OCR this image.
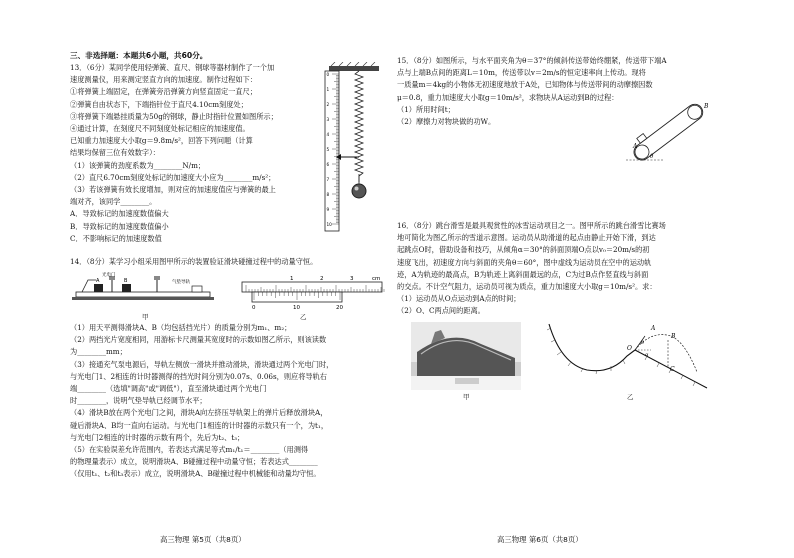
三、非选择题：本题共6小题，共60分。

13．（6分）某同学使用轻弹簧、直尺、钢球等器材制作了一个加

速度测量仪，用来测定竖直方向的加速度。制作过程如下：

①将弹簧上端固定，在弹簧旁沿弹簧方向竖直固定一直尺；

②弹簧自由状态下，下端指针位于直尺4.10cm刻度处；

③将弹簧下端悬挂质量为50g的钢球，静止时指针位置如图所示；

④通过计算，在刻度尺不同刻度处标记相应的加速度值。

已知重力加速度大小取g＝9.8m/s²，回答下列问题（计算

结果均保留三位有效数字）：

（1）该弹簧的劲度系数为________N/m；

（2）直尺6.70cm刻度处标记的加速度大小应为________m/s²；

（3）若该弹簧有效长度增加，则对应的加速度值应与弹簧的最上

端对齐，该同学________。

A．导致标记的加速度数值偏大

B．导致标记的加速度数值偏小

C．不影响标记的加速度数值

0
1
2
3
4
5
6
7
8
9
10

14．（8分）某学习小组采用图甲所示的装置验证滑块碰撞过程中的动量守恒。

A	B
光电门
气垫导轨
甲
1	2	3	cm
0	10	20
乙

（1）用天平测得滑块A、B（均包括挡光片）的质量分别为m₁、m₂；

（2）两挡光片宽度相同，用游标卡尺测量其宽度时的示数如图乙所示，则该读数

为________mm；

（3）接通充气泵电源后，导轨左侧放一滑块并推动滑块，滑块通过两个光电门时，

与光电门1、2相连的计时器测得的挡光时间分别为0.07s、0.06s，则应将导轨右

端________（选填"调高"或"调低"），直至滑块通过两个光电门

时________，说明气垫导轨已经调节水平；

（4）滑块B放在两个光电门之间，滑块A向左挤压导轨架上的弹片后释放滑块A，

碰后滑块A、B均一直向右运动。与光电门1相连的计时器的示数只有一个，为t₁，

与光电门2相连的计时器的示数有两个，先后为t₂、t₃；

（5）在实验误差允许范围内，若表达式满足等式m₁/t₁＝________（用测得

的物理量表示）成立，说明滑块A、B碰撞过程中动量守恒；若表达式________

（仅用t₁、t₂和t₃表示）成立，说明滑块A、B碰撞过程中机械能和动量均守恒。

高三物理 第5页（共8页）

15．（8分）如图所示，与水平面夹角为θ＝37°的倾斜传送带始终绷紧，传送带下端A

点与上端B点间的距离L＝10m，传送带以v＝2m/s的恒定速率向上传动。现将

一质量m＝4kg的小物体无初速度地放于A处，已知物体与传送带间的动摩擦因数

μ＝0.8，重力加速度大小取g＝10m/s²，求物块从A运动到B的过程：

（1）所用时间t；

（2）摩擦力对物块做的功W。

A
B
θ

16．（8分）跳台滑雪是最具观赏性的冰雪运动项目之一。图甲所示的跳台滑雪比赛场

地可简化为图乙所示的雪道示意图。运动员从助滑道的起点由静止开始下滑，到达

起跳点O时，借助设备和技巧，从倾角α＝30°的斜面顶端O点以v₀＝20m/s的初

速度飞出，初速度方向与斜面的夹角θ＝60°，图中虚线为运动员在空中的运动轨

迹，A为轨迹的最高点，B为轨迹上离斜面最远的点，C为过B点作竖直线与斜面

的交点。不计空气阻力，运动员可视为质点，重力加速度大小取g＝10m/s²。求：

（1）运动员从O点运动到A点的时间；

（2）O、C两点间的距离。

甲
O
A
B
C
α
θ
乙
高三物理 第6页（共8页）
